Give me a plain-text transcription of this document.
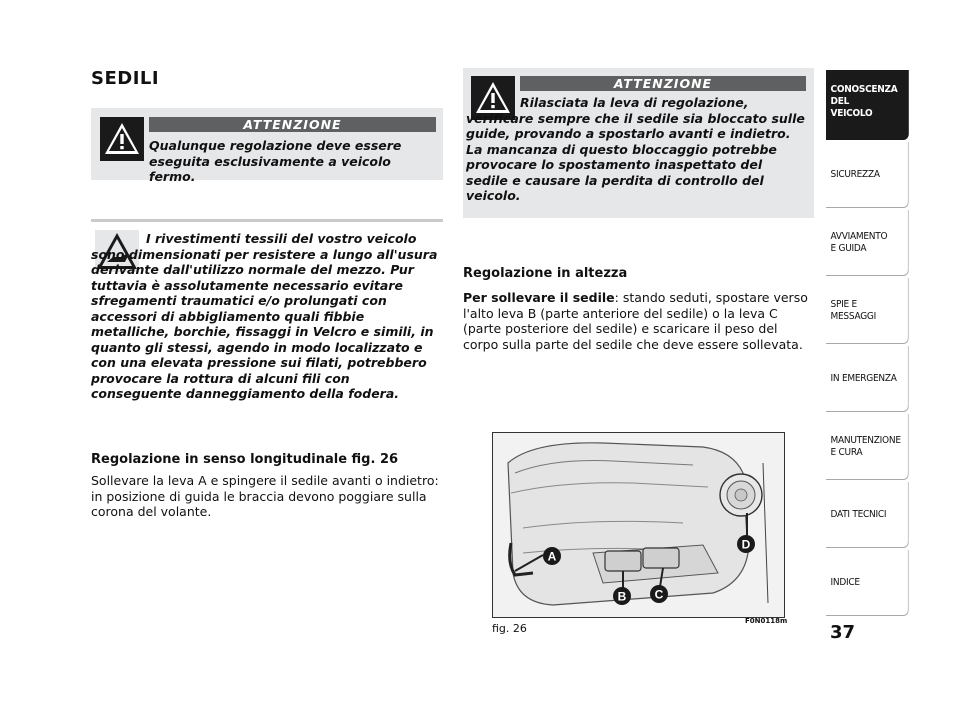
SEDILI
ATTENZIONE
Qualunque regolazione deve essere eseguita esclusivamente a veicolo fermo.
I rivestimenti tessili del vostro veicolo sono dimensionati per resistere a lungo all'usura derivante dall'utilizzo normale del mezzo. Pur tuttavia è assolutamente necessario evitare sfregamenti traumatici e/o prolungati con accessori di abbigliamento quali fibbie metalliche, borchie, fissaggi in Velcro e simili, in quanto gli stessi, agendo in modo localizzato e con una elevata pressione sui filati, potrebbero provocare la rottura di alcuni fili con conseguente danneggiamento della fodera.
Regolazione in senso longitudinale fig. 26
Sollevare la leva A e spingere il sedile avanti o indietro: in posizione di guida le braccia devono poggiare sulla corona del volante.
ATTENZIONE
Rilasciata la leva di regolazione, verificare sempre che il sedile sia bloccato sulle guide, provando a spostarlo avanti e indietro. La mancanza di questo bloccaggio potrebbe provocare lo spostamento inaspettato del sedile e causare la perdita di controllo del veicolo.
Regolazione in altezza
Per sollevare il sedile: stando seduti, spostare verso l'alto leva B (parte anteriore del sedile) o la leva C (parte posteriore del sedile) e scaricare il peso del corpo sulla parte del sedile che deve essere sollevata.
A
B C
D
fig. 26
F0N0118m
CONOSCENZA
DEL
VEICOLO
SICUREZZA
AVVIAMENTO
E GUIDA
SPIE E
MESSAGGI
IN EMERGENZA
MANUTENZIONE
E CURA
DATI TECNICI
INDICE
37
